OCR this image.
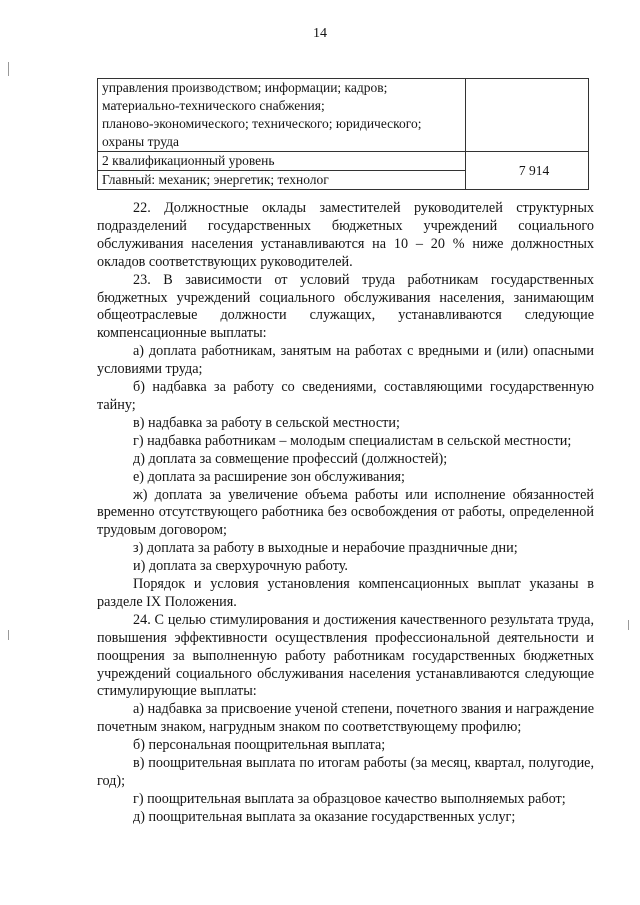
14
управления производством; информации; кадров;
материально-технического снабжения;
планово-экономического; технического; юридического;
охраны труда	

2 квалификационный уровень	7 914
Главный: механик; энергетик; технолог	

22. Должностные оклады заместителей руководителей структурных подразделений государственных бюджетных учреждений социального обслуживания населения устанавливаются на 10 – 20 % ниже должностных окладов соответствующих руководителей.

23. В зависимости от условий труда работникам государственных бюджетных учреждений социального обслуживания населения, занимающим общеотраслевые должности служащих, устанавливаются следующие компенсационные выплаты:

а) доплата работникам, занятым на работах с вредными и (или) опасными условиями труда;

б) надбавка за работу со сведениями, составляющими государственную тайну;

в) надбавка за работу в сельской местности;

г) надбавка работникам – молодым специалистам в сельской местности;

д) доплата за совмещение профессий (должностей);

е) доплата за расширение зон обслуживания;

ж) доплата за увеличение объема работы или исполнение обязанностей временно отсутствующего работника без освобождения от работы, определенной трудовым договором;

з) доплата за работу в выходные и нерабочие праздничные дни;

и) доплата за сверхурочную работу.

Порядок и условия установления компенсационных выплат указаны в разделе IX Положения.

24. С целью стимулирования и достижения качественного результата труда, повышения эффективности осуществления профессиональной деятельности и поощрения за выполненную работу работникам государственных бюджетных учреждений социального обслуживания населения устанавливаются следующие стимулирующие выплаты:

а) надбавка за присвоение ученой степени, почетного звания и награждение почетным знаком, нагрудным знаком по соответствующему профилю;

б) персональная поощрительная выплата;

в) поощрительная выплата по итогам работы (за месяц, квартал, полугодие, год);

г) поощрительная выплата за образцовое качество выполняемых работ;

д) поощрительная выплата за оказание государственных услуг;
